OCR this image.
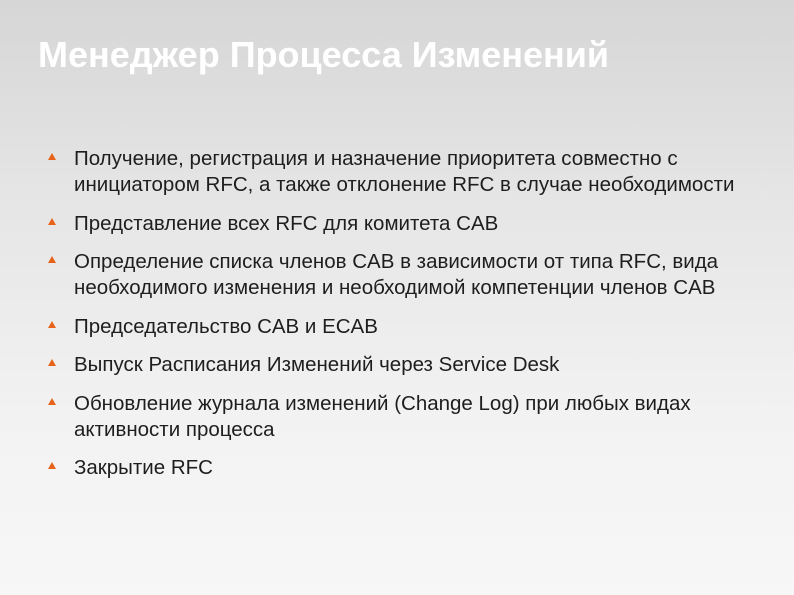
Менеджер Процесса Изменений
Получение, регистрация и назначение приоритета совместно с инициатором RFC, а также отклонение RFC в случае необходимости
Представление всех RFC для комитета CAB
Определение списка членов CAB в зависимости от типа RFC, вида необходимого изменения и необходимой компетенции членов CAB
Председательство CAB и ECAB
Выпуск Расписания Изменений через Service Desk
Обновление журнала изменений (Change Log) при любых видах активности процесса
Закрытие RFC
